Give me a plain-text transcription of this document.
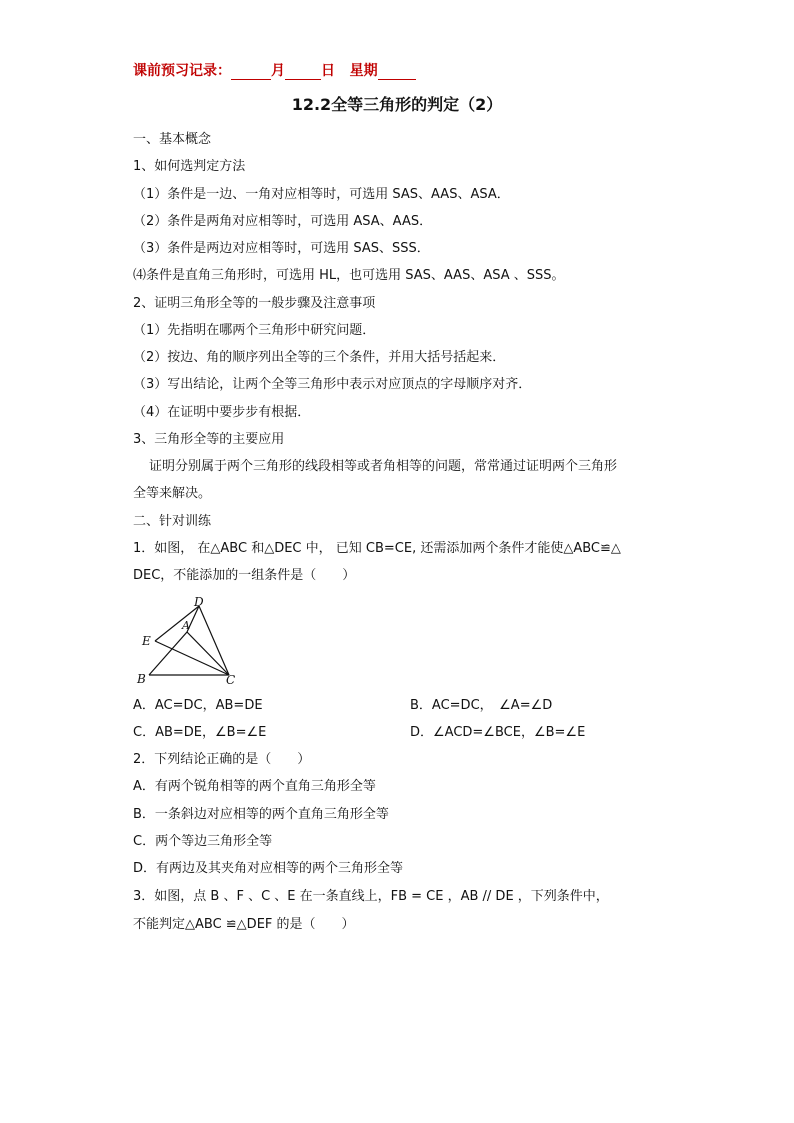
课前预习记录：	月	日 星期
12.2全等三角形的判定（2）
一、基本概念
1、如何选判定方法
（1）条件是一边、一角对应相等时，可选用 SAS、AAS、ASA．
（2）条件是两角对应相等时，可选用 ASA、AAS．
（3）条件是两边对应相等时，可选用 SAS、SSS．
⑷条件是直角三角形时，可选用 HL，也可选用 SAS、AAS、ASA 、SSS。
2、证明三角形全等的一般步骤及注意事项
（1）先指明在哪两个三角形中研究问题．
（2）按边、角的顺序列出全等的三个条件，并用大括号括起来．
（3）写出结论，让两个全等三角形中表示对应顶点的字母顺序对齐．
（4）在证明中要步步有根据．
3、三角形全等的主要应用
证明分别属于两个三角形的线段相等或者角相等的问题，常常通过证明两个三角形
全等来解决。
二、针对训练
1．如图， 在△ABC 和△DEC 中， 已知 CB=CE, 还需添加两个条件才能使△ABC≌△
DEC，不能添加的一组条件是（　　）
D
A
E
B	C
A．AC=DC，AB=DE	B．AC=DC，　∠A=∠D
C．AB=DE，∠B=∠E	D．∠ACD=∠BCE，∠B=∠E
2．下列结论正确的是（　　）
A．有两个锐角相等的两个直角三角形全等
B．一条斜边对应相等的两个直角三角形全等
C．两个等边三角形全等
D．有两边及其夹角对应相等的两个三角形全等
3．如图，点 B 、F 、C 、E 在一条直线上，FB = CE ，AB // DE ，下列条件中，
不能判定△ABC ≌△DEF 的是（　　）
